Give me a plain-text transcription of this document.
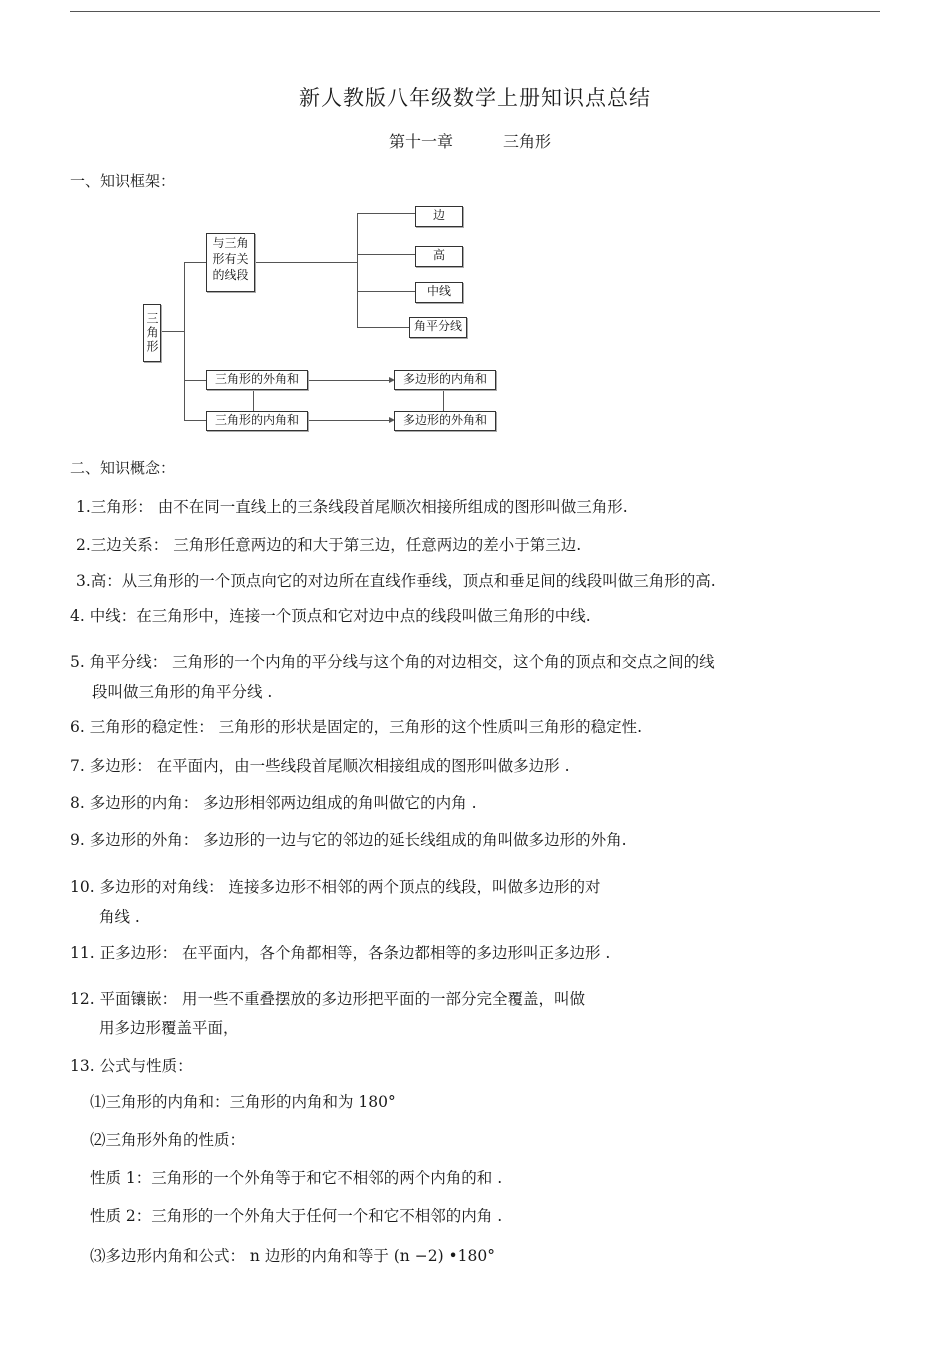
新人教版八年级数学上册知识点总结
第十一章	三角形
一、知识框架：
三角形
与三角形有关的线段
边
高
中线
角平分线
三角形的外角和
三角形的内角和
多边形的内角和
多边形的外角和
二、知识概念：
1.三角形： 由不在同一直线上的三条线段首尾顺次相接所组成的图形叫做三角形.
2.三边关系： 三角形任意两边的和大于第三边，任意两边的差小于第三边.
3.高：从三角形的一个顶点向它的对边所在直线作垂线，顶点和垂足间的线段叫做三角形的高.
4. 中线：在三角形中，连接一个顶点和它对边中点的线段叫做三角形的中线.
5. 角平分线： 三角形的一个内角的平分线与这个角的对边相交，这个角的顶点和交点之间的线
段叫做三角形的角平分线 .
6. 三角形的稳定性： 三角形的形状是固定的，三角形的这个性质叫三角形的稳定性.
7. 多边形： 在平面内，由一些线段首尾顺次相接组成的图形叫做多边形 .
8. 多边形的内角： 多边形相邻两边组成的角叫做它的内角 .
9. 多边形的外角： 多边形的一边与它的邻边的延长线组成的角叫做多边形的外角.
10. 多边形的对角线： 连接多边形不相邻的两个顶点的线段，叫做多边形的对
角线 .
11. 正多边形： 在平面内，各个角都相等，各条边都相等的多边形叫正多边形 .
12. 平面镶嵌： 用一些不重叠摆放的多边形把平面的一部分完全覆盖，叫做
用多边形覆盖平面，
13. 公式与性质：
⑴三角形的内角和：三角形的内角和为 180°
⑵三角形外角的性质：
性质 1：三角形的一个外角等于和它不相邻的两个内角的和 .
性质 2：三角形的一个外角大于任何一个和它不相邻的内角 .
⑶多边形内角和公式： n 边形的内角和等于 (n −2) •180°
